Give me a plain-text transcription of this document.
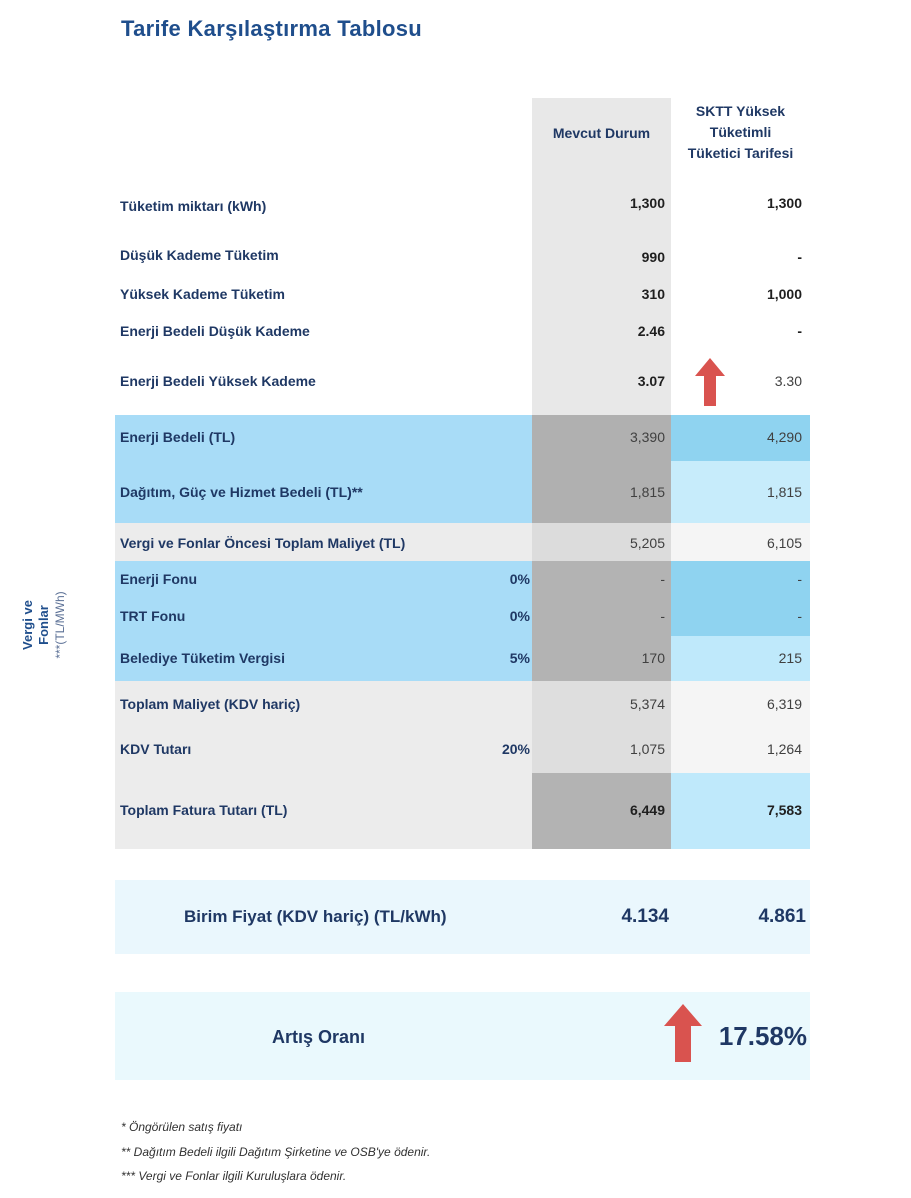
Tarife Karşılaştırma Tablosu
Mevcut Durum
SKTT Yüksek
Tüketimli
Tüketici Tarifesi
Vergi ve Fonlar ***(TL/MWh)
Tüketim miktarı (kWh)	1,300	1,300
Düşük Kademe Tüketim	990	-
Yüksek Kademe Tüketim	310	1,000
Enerji Bedeli Düşük Kademe	2.46	-
Enerji Bedeli Yüksek Kademe	3.07	3.30
Enerji Bedeli (TL)	3,390	4,290
Dağıtım, Güç ve Hizmet Bedeli (TL)**	1,815	1,815
Vergi ve Fonlar Öncesi Toplam Maliyet (TL)	5,205	6,105
Enerji Fonu	0%	-	-
TRT Fonu	0%	-	-
Belediye Tüketim Vergisi	5%	170	215
Toplam Maliyet (KDV hariç)	5,374	6,319
KDV Tutarı	20%	1,075	1,264
Toplam Fatura Tutarı (TL)	6,449	7,583
Birim Fiyat (KDV hariç) (TL/kWh)	4.134	4.861
Artış Oranı	17.58%
* Öngörülen satış fiyatı
** Dağıtım Bedeli ilgili Dağıtım Şirketine ve OSB'ye ödenir.
*** Vergi ve Fonlar ilgili Kuruluşlara ödenir.
